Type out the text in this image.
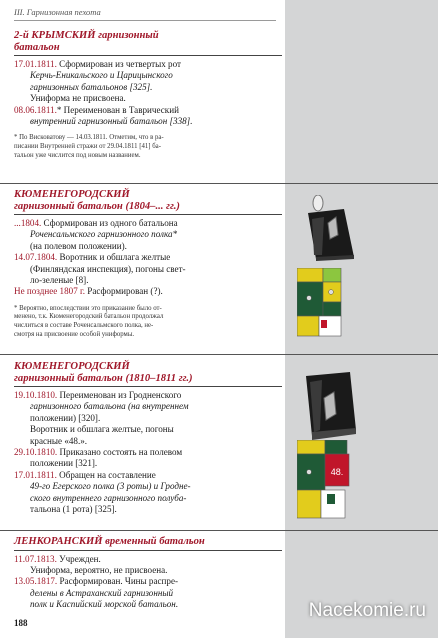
III. Гарнизонная пехота
2-й КРЫМСКИЙ гарнизонный
батальон
17.01.1811. Сформирован из четвертых рот
Керчь-Еникальского и Царицынского
гарнизонных батальонов [325].
Униформа не присвоена.
08.06.1811.* Переименован в Таврический
внутренний гарнизонный батальон [338].
* По Висковатову — 14.03.1811. Отметим, что в ра-
писании Внутренней стражи от 29.04.1811 [41] ба-
тальон уже числится под новым названием.
КЮМЕНЕГОРОДСКИЙ
гарнизонный батальон (1804–... гг.)
...1804. Сформирован из одного батальона
Роченсальмского гарнизонного полка*
(на полевом положении).
14.07.1804. Воротник и обшлага желтые
(Финляндская инспекция), погоны свет-
ло-зеленые [8].
Не позднее 1807 г. Расформирован (?).
* Вероятно, впоследствии это приказание было от-
менено, т.к. Кюменегородский батальон продолжал
числиться в составе Роченсальмского полка, не-
смотря на присвоение особой униформы.
КЮМЕНЕГОРОДСКИЙ
гарнизонный батальон (1810–1811 гг.)
19.10.1810. Переименован из Гродненского
гарнизонного батальона (на внутреннем
положении) [320].
Воротник и обшлага желтые, погоны
красные «48.».
29.10.1810. Приказано состоять на полевом
положении [321].
17.01.1811. Обращен на составление
49-го Егерского полка (3 роты) и Гродне-
ского внутреннего гарнизонного полуба-
тальона (1 рота) [325].
ЛЕНКОРАНСКИЙ временный батальон
11.07.1813. Учрежден.
Униформа, вероятно, не присвоена.
13.05.1817. Расформирован. Чины распре-
делены в Астраханский гарнизонный
полк и Каспийский морской батальон.
48.
188
Nacekomie.ru
